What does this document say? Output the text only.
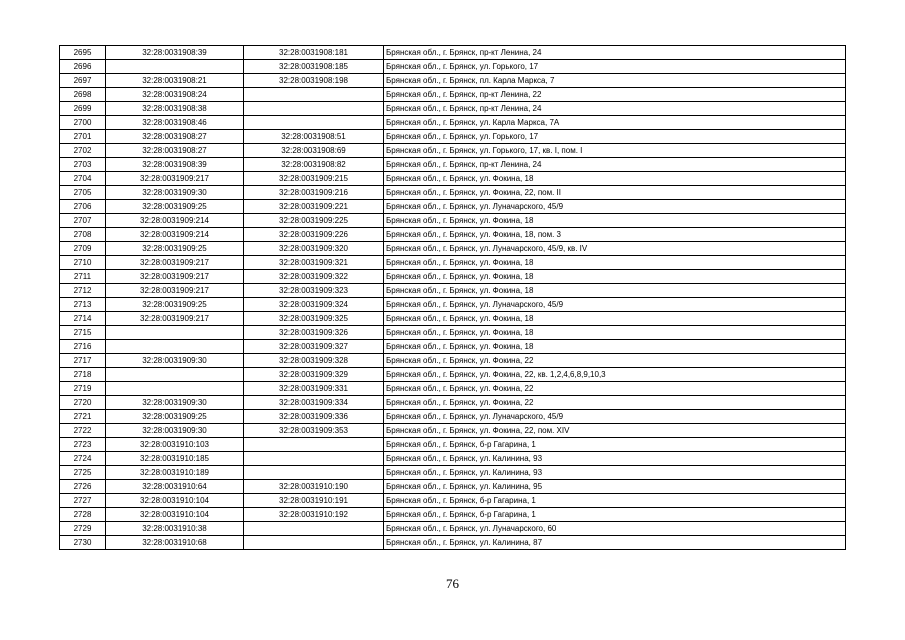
2695	32:28:0031908:39	32:28:0031908:181	Брянская обл., г. Брянск, пр-кт Ленина, 24
2696		32:28:0031908:185	Брянская обл., г. Брянск, ул. Горького, 17
2697	32:28:0031908:21	32:28:0031908:198	Брянская обл., г. Брянск, пл. Карла Маркса, 7
2698	32:28:0031908:24		Брянская обл., г. Брянск, пр-кт Ленина, 22
2699	32:28:0031908:38		Брянская обл., г. Брянск, пр-кт Ленина, 24
2700	32:28:0031908:46		Брянская обл., г. Брянск, ул. Карла Маркса, 7А
2701	32:28:0031908:27	32:28:0031908:51	Брянская обл., г. Брянск, ул. Горького, 17
2702	32:28:0031908:27	32:28:0031908:69	Брянская обл., г. Брянск, ул. Горького, 17, кв. I, пом. I
2703	32:28:0031908:39	32:28:0031908:82	Брянская обл., г. Брянск, пр-кт Ленина, 24
2704	32:28:0031909:217	32:28:0031909:215	Брянская обл., г. Брянск, ул. Фокина, 18
2705	32:28:0031909:30	32:28:0031909:216	Брянская обл., г. Брянск, ул. Фокина, 22, пом. II
2706	32:28:0031909:25	32:28:0031909:221	Брянская обл., г. Брянск, ул. Луначарского, 45/9
2707	32:28:0031909:214	32:28:0031909:225	Брянская обл., г. Брянск, ул. Фокина, 18
2708	32:28:0031909:214	32:28:0031909:226	Брянская обл., г. Брянск, ул. Фокина, 18, пом. 3
2709	32:28:0031909:25	32:28:0031909:320	Брянская обл., г. Брянск, ул. Луначарского, 45/9, кв. IV
2710	32:28:0031909:217	32:28:0031909:321	Брянская обл., г. Брянск, ул. Фокина, 18
2711	32:28:0031909:217	32:28:0031909:322	Брянская обл., г. Брянск, ул. Фокина, 18
2712	32:28:0031909:217	32:28:0031909:323	Брянская обл., г. Брянск, ул. Фокина, 18
2713	32:28:0031909:25	32:28:0031909:324	Брянская обл., г. Брянск, ул. Луначарского, 45/9
2714	32:28:0031909:217	32:28:0031909:325	Брянская обл., г. Брянск, ул. Фокина, 18
2715		32:28:0031909:326	Брянская обл., г. Брянск, ул. Фокина, 18
2716		32:28:0031909:327	Брянская обл., г. Брянск, ул. Фокина, 18
2717	32:28:0031909:30	32:28:0031909:328	Брянская обл., г. Брянск, ул. Фокина, 22
2718		32:28:0031909:329	Брянская обл., г. Брянск, ул. Фокина, 22, кв. 1,2,4,6,8,9,10,3
2719		32:28:0031909:331	Брянская обл., г. Брянск, ул. Фокина, 22
2720	32:28:0031909:30	32:28:0031909:334	Брянская обл., г. Брянск, ул. Фокина, 22
2721	32:28:0031909:25	32:28:0031909:336	Брянская обл., г. Брянск, ул. Луначарского, 45/9
2722	32:28:0031909:30	32:28:0031909:353	Брянская обл., г. Брянск, ул. Фокина, 22, пом. XIV
2723	32:28:0031910:103		Брянская обл., г. Брянск, б-р Гагарина, 1
2724	32:28:0031910:185		Брянская обл., г. Брянск, ул. Калинина, 93
2725	32:28:0031910:189		Брянская обл., г. Брянск, ул. Калинина, 93
2726	32:28:0031910:64	32:28:0031910:190	Брянская обл., г. Брянск, ул. Калинина, 95
2727	32:28:0031910:104	32:28:0031910:191	Брянская обл., г. Брянск, б-р Гагарина, 1
2728	32:28:0031910:104	32:28:0031910:192	Брянская обл., г. Брянск, б-р Гагарина, 1
2729	32:28:0031910:38		Брянская обл., г. Брянск, ул. Луначарского, 60
2730	32:28:0031910:68		Брянская обл., г. Брянск, ул. Калинина, 87
76
